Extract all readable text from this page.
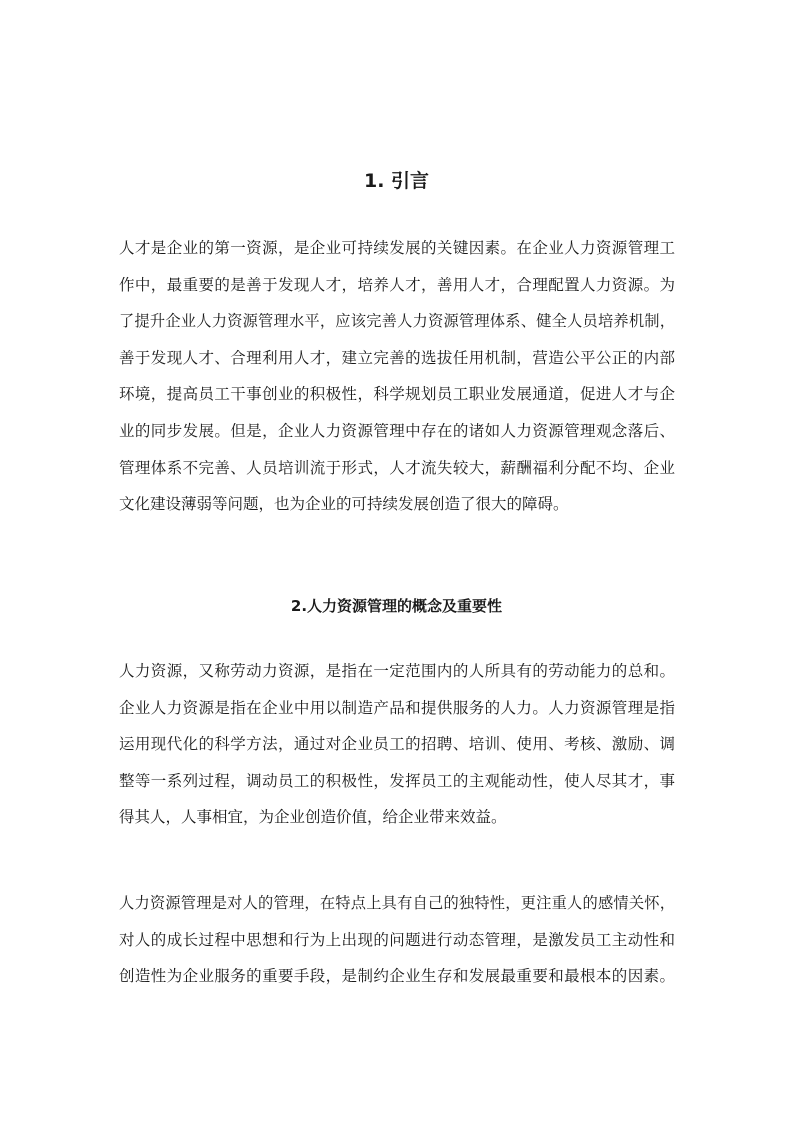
1. 引言
人才是企业的第一资源，是企业可持续发展的关键因素。在企业人力资源管理工
作中，最重要的是善于发现人才，培养人才，善用人才，合理配置人力资源。为
了提升企业人力资源管理水平，应该完善人力资源管理体系、健全人员培养机制，
善于发现人才、合理利用人才，建立完善的选拔任用机制，营造公平公正的内部
环境，提高员工干事创业的积极性，科学规划员工职业发展通道，促进人才与企
业的同步发展。但是，企业人力资源管理中存在的诸如人力资源管理观念落后、
管理体系不完善、人员培训流于形式，人才流失较大，薪酬福利分配不均、企业
文化建设薄弱等问题，也为企业的可持续发展创造了很大的障碍。
2.人力资源管理的概念及重要性
人力资源，又称劳动力资源，是指在一定范围内的人所具有的劳动能力的总和。
企业人力资源是指在企业中用以制造产品和提供服务的人力。人力资源管理是指
运用现代化的科学方法，通过对企业员工的招聘、培训、使用、考核、激励、调
整等一系列过程，调动员工的积极性，发挥员工的主观能动性，使人尽其才，事
得其人，人事相宜，为企业创造价值，给企业带来效益。
人力资源管理是对人的管理，在特点上具有自己的独特性，更注重人的感情关怀，
对人的成长过程中思想和行为上出现的问题进行动态管理，是激发员工主动性和
创造性为企业服务的重要手段，是制约企业生存和发展最重要和最根本的因素。
